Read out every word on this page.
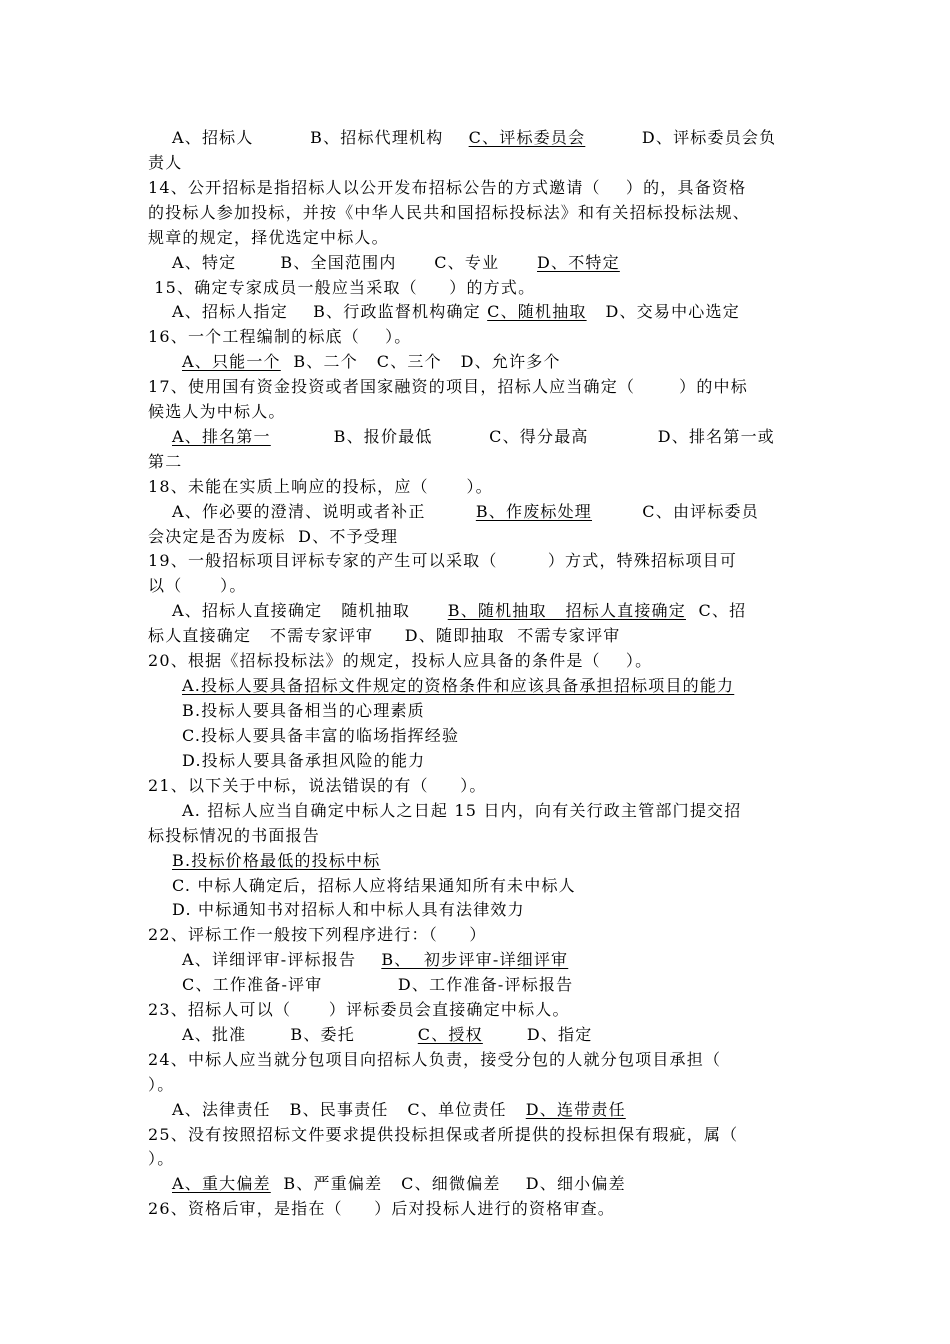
A、招标人         B、招标代理机构    C、评标委员会         D、评标委员会负
责人
14、公开招标是指招标人以公开发布招标公告的方式邀请（    ）的，具备资格
的投标人参加投标，并按《中华人民共和国招标投标法》和有关招标投标法规、
规章的规定，择优选定中标人。
A、特定       B、全国范围内      C、专业      D、不特定
15、确定专家成员一般应当采取（     ）的方式。
A、招标人指定    B、行政监督机构确定 C、随机抽取   D、交易中心选定
16、一个工程编制的标底（    ）。
A、只能一个  B、二个   C、三个   D、允许多个
17、使用国有资金投资或者国家融资的项目，招标人应当确定（       ）的中标
候选人为中标人。
A、排名第一          B、报价最低         C、得分最高           D、排名第一或
第二
18、未能在实质上响应的投标，应（      ）。
A、作必要的澄清、说明或者补正        B、作废标处理        C、由评标委员
会决定是否为废标  D、不予受理
19、一般招标项目评标专家的产生可以采取（        ）方式，特殊招标项目可
以（      ）。
A、招标人直接确定   随机抽取      B、随机抽取   招标人直接确定  C、招
标人直接确定   不需专家评审     D、随即抽取  不需专家评审
20、根据《招标投标法》的规定，投标人应具备的条件是（    ）。
A.投标人要具备招标文件规定的资格条件和应该具备承担招标项目的能力
B.投标人要具备相当的心理素质
C.投标人要具备丰富的临场指挥经验
D.投标人要具备承担风险的能力
21、以下关于中标，说法错误的有（     ）。
A. 招标人应当自确定中标人之日起 15 日内，向有关行政主管部门提交招
标投标情况的书面报告
B.投标价格最低的投标中标
C. 中标人确定后，招标人应将结果通知所有未中标人
D. 中标通知书对招标人和中标人具有法律效力
22、评标工作一般按下列程序进行：（     ）
A、详细评审-评标报告    B、  初步评审-详细评审
C、工作准备-评审            D、工作准备-评标报告
23、招标人可以（      ）评标委员会直接确定中标人。
A、批准       B、委托          C、授权       D、指定
24、中标人应当就分包项目向招标人负责，接受分包的人就分包项目承担（
）。
A、法律责任   B、民事责任   C、单位责任   D、连带责任
25、没有按照招标文件要求提供投标担保或者所提供的投标担保有瑕疵，属（
）。
A、重大偏差  B、严重偏差   C、细微偏差    D、细小偏差
26、资格后审，是指在（     ）后对投标人进行的资格审查。
